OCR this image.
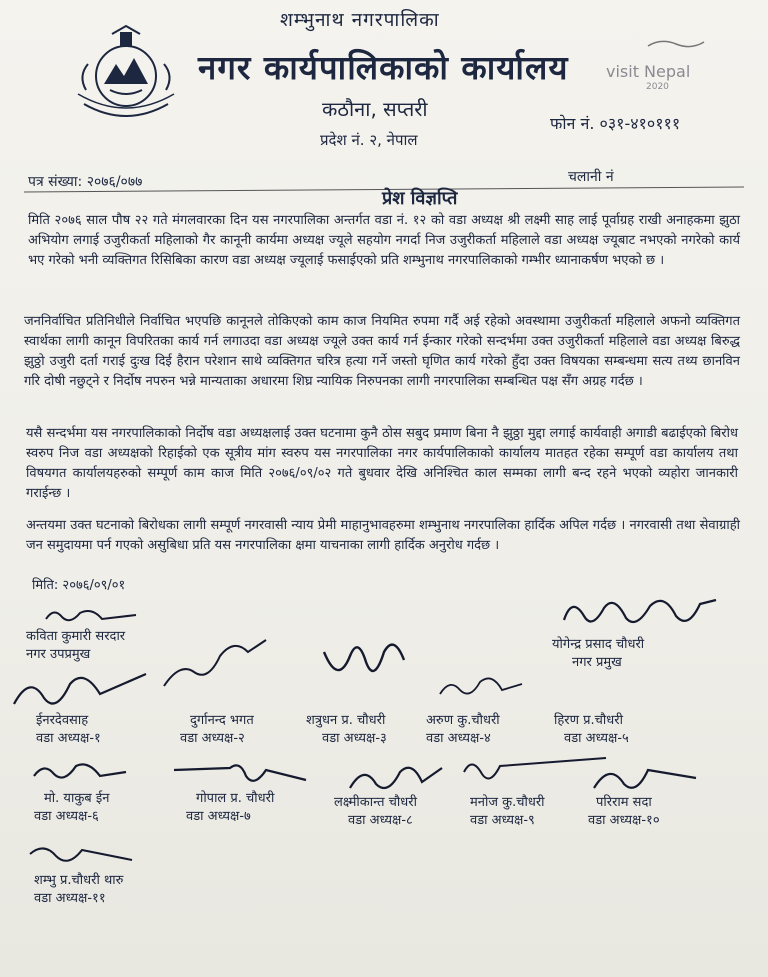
शम्भुनाथ नगरपालिका
नगर कार्यपालिकाको कार्यालय
कठौना, सप्तरी
प्रदेश नं. २, नेपाल
फोन नं. ०३१-४१०१११
visit Nepal
2020
पत्र संख्या: २०७६/०७७	चलानी नं
प्रेश विज्ञप्ति
मिति २०७६ साल पौष २२ गते मंगलवारका दिन यस नगरपालिका अन्तर्गत वडा नं. १२ को वडा अध्यक्ष श्री लक्ष्मी साह लाई पूर्वाग्रह राखी अनाहकमा झुठा अभियोग लगाई उजुरीकर्ता महिलाको गैर कानूनी कार्यमा अध्यक्ष ज्यूले सहयोग नगर्दा निज उजुरीकर्ता महिलाले वडा अध्यक्ष ज्यूबाट नभएको नगरेको कार्य भए गरेको भनी व्यक्तिगत रिसिबिका कारण वडा अध्यक्ष ज्यूलाई फसाईएको प्रति शम्भुनाथ नगरपालिकाको गम्भीर ध्यानाकर्षण भएको छ ।
जननिर्वाचित प्रतिनिधीले निर्वाचित भएपछि कानूनले तोकिएको काम काज नियमित रुपमा गर्दै अई रहेको अवस्थामा उजुरीकर्ता महिलाले अफनो व्यक्तिगत स्वार्थका लागी कानून विपरितका कार्य गर्न लगाउदा वडा अध्यक्ष ज्यूले उक्त कार्य गर्न ईन्कार गरेको सन्दर्भमा उक्त उजुरीकर्ता महिलाले वडा अध्यक्ष बिरुद्ध झुठ्ठो उजुरी दर्ता गराई दुःख दिई हैरान परेशान साथे व्यक्तिगत चरित्र हत्या गर्ने जस्तो घृणित कार्य गरेको हुँदा उक्त विषयका सम्बन्धमा सत्य तथ्य छानविन गरि दोषी नछुट्ने र निर्दोष नपरुन भन्ने मान्यताका अधारमा शिघ्र न्यायिक निरुपनका लागी नगरपालिका सम्बन्धित पक्ष सँग अग्रह गर्दछ ।
यसै सन्दर्भमा यस नगरपालिकाको निर्दोष वडा अध्यक्षलाई उक्त घटनामा कुनै ठोस सबुद प्रमाण बिना नै झुठ्ठा मुद्दा लगाई कार्यवाही अगाडी बढाईएको बिरोध स्वरुप निज वडा अध्यक्षको रिहाईको एक सूत्रीय मांग स्वरुप यस नगरपालिका नगर कार्यपालिकाको कार्यालय मातहत रहेका सम्पूर्ण वडा कार्यालय तथा विषयगत कार्यालयहरुको सम्पूर्ण काम काज मिति २०७६/०९/०२ गते बुधवार देखि अनिश्चित काल सम्मका लागी बन्द रहने भएको व्यहोरा जानकारी गराईन्छ ।
अन्तयमा उक्त घटनाको बिरोधका लागी सम्पूर्ण नगरवासी न्याय प्रेमी माहानुभावहरुमा शम्भुनाथ नगरपालिका हार्दिक अपिल गर्दछ । नगरवासी तथा सेवाग्राही जन समुदायमा पर्न गएको असुबिधा प्रति यस नगरपालिका क्षमा याचनाका लागी हार्दिक अनुरोध गर्दछ ।
मिति: २०७६/०९/०१
कविता कुमारी सरदार
नगर उपप्रमुख
योगेन्द्र प्रसाद चौधरी
नगर प्रमुख
ईनरदेवसाह
वडा अध्यक्ष-१
दुर्गानन्द भगत
वडा अध्यक्ष-२
शत्रुधन प्र. चौधरी
वडा अध्यक्ष-३
अरुण कु.चौधरी
वडा अध्यक्ष-४
हिरण प्र.चौधरी
वडा अध्यक्ष-५
मो. याकुब ईन
वडा अध्यक्ष-६
गोपाल प्र. चौधरी
वडा अध्यक्ष-७
लक्ष्मीकान्त चौधरी
वडा अध्यक्ष-८
मनोज कु.चौधरी
वडा अध्यक्ष-९
परिराम सदा
वडा अध्यक्ष-१०
शम्भु प्र.चौधरी थारु
वडा अध्यक्ष-११
